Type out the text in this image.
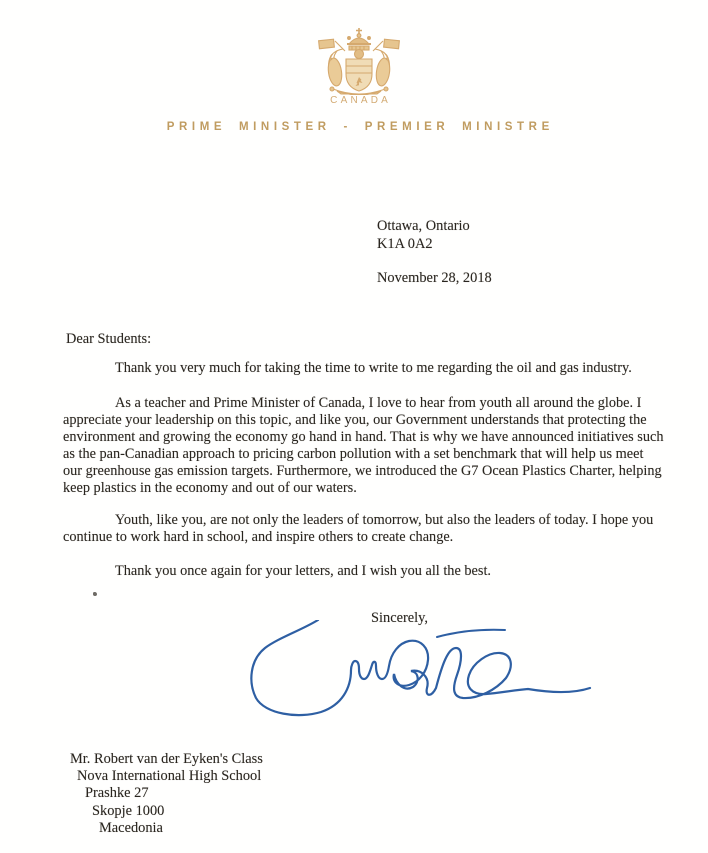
CANADA
PRIME MINISTER - PREMIER MINISTRE
Ottawa, Ontario
K1A 0A2
November 28, 2018
Dear Students:

Thank you very much for taking the time to write to me regarding the oil and gas industry.

As a teacher and Prime Minister of Canada, I love to hear from youth all around the globe. I appreciate your leadership on this topic, and like you, our Government understands that protecting the environment and growing the economy go hand in hand. That is why we have announced initiatives such as the pan-Canadian approach to pricing carbon pollution with a set benchmark that will help us meet our greenhouse gas emission targets. Furthermore, we introduced the G7 Ocean Plastics Charter, helping keep plastics in the economy and out of our waters.

Youth, like you, are not only the leaders of tomorrow, but also the leaders of today. I hope you continue to work hard in school, and inspire others to create change.

Thank you once again for your letters, and I wish you all the best.

Sincerely,
Mr. Robert van der Eyken's Class
Nova International High School
Prashke 27
Skopje 1000
Macedonia
